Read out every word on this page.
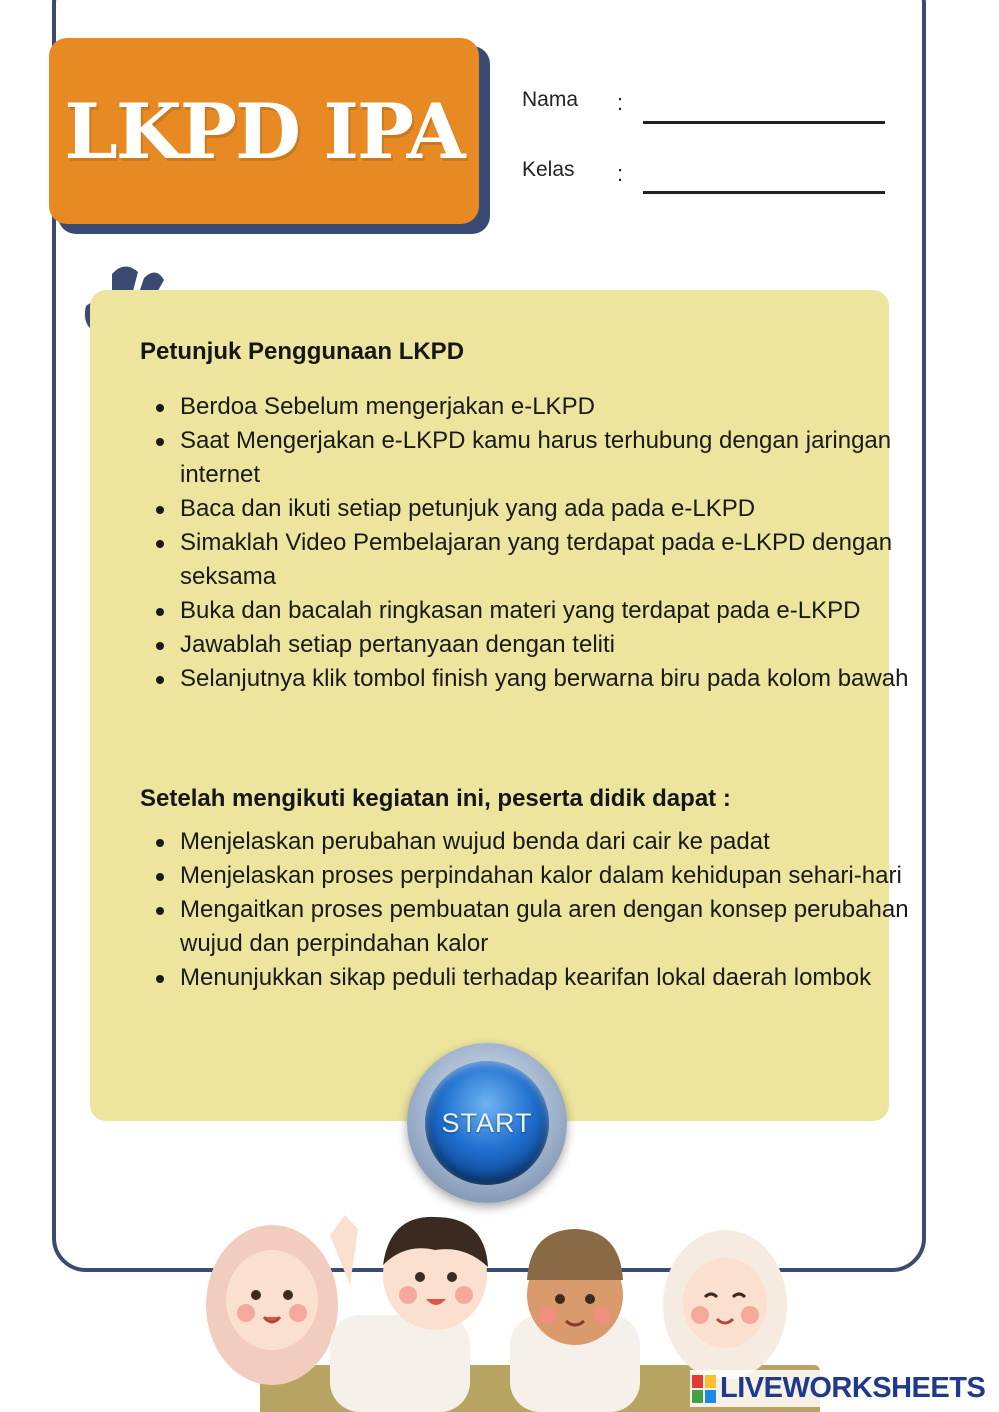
LKPD IPA	Nama :
Kelas :
Petunjuk Penggunaan LKPD
Berdoa Sebelum mengerjakan e-LKPD
Saat Mengerjakan e-LKPD kamu harus terhubung dengan jaringan internet
Baca dan ikuti setiap petunjuk yang ada pada e-LKPD
Simaklah Video Pembelajaran yang terdapat pada e-LKPD dengan seksama
Buka dan bacalah ringkasan materi yang terdapat pada e-LKPD
Jawablah setiap pertanyaan dengan teliti
Selanjutnya klik tombol finish yang berwarna biru pada kolom bawah
Setelah mengikuti kegiatan ini, peserta didik dapat :
Menjelaskan perubahan wujud benda dari cair ke padat
Menjelaskan proses perpindahan kalor dalam kehidupan sehari-hari
Mengaitkan proses pembuatan gula aren dengan konsep perubahan wujud dan perpindahan kalor
Menunjukkan sikap peduli terhadap kearifan lokal daerah lombok
START
LIVEWORKSHEETS
